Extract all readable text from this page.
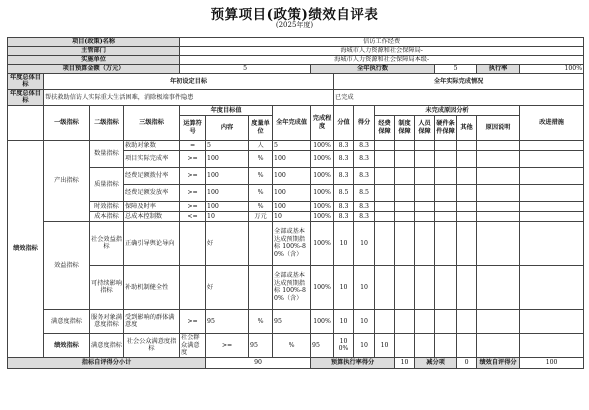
预算项目(政策)绩效自评表
(2025年度)
项目(政策)名称				信访工作经费														
主管部门				海城市人力资源和社会保障局-														
实施单位				海城市人力资源和社会保障局本级-														
项目预算金额（万元）				5				全年执行数						5		执行率	100%	
年度总体目标	年初设定目标								全年实际完成情况									
年度总体目标	帮扶救助信访人实际重大生活困难，消除极端事件隐患								已完成									
	一级指标	二级指标	三级指标	年度目标值			全年完成值	完成程度	分值	得分	未完成原因分析						改进措施	
				运算符号	内容	度量单位					经费保障	制度保障	人员保障	硬件条件保障	其他	原因说明		
绩效指标	产出指标	数量指标	救助对象数	=	5	人	5	100%	8.3	8.3								
			项目实际完成率	>=	100	%	100	100%	8.3	8.3								
		质量指标	经费足额拨付率	>=	100	%	100	100%	8.3	8.3								
			经费足额发放率	>=	100	%	100	100%	8.5	8.5								
		时效指标	保障及时率	>=	100	%	100	100%	8.3	8.3								
		成本指标	总成本控制数	<=	10	万元	10	100%	8.3	8.3								
	效益指标	社会效益指标	正确引导舆论导向		好		全部或基本达成预期指标 100%-80%（含）	100%	10	10								
		可持续影响指标	补助机制健全性		好		全部或基本达成预期指标 100%-80%（含）	100%	10	10								
	满意度指标	服务对象满意度指标	受到影响的群体满意度	>=	95	%	95	100%	10	10								
	绩效指标	满意度指标	社会公众满意度指标	社会群众满意度	>=	95	%	95	100%	10	10							
指标自评得分小计					90			预算执行率得分				10	减分项		0	绩效自评得分	100	
